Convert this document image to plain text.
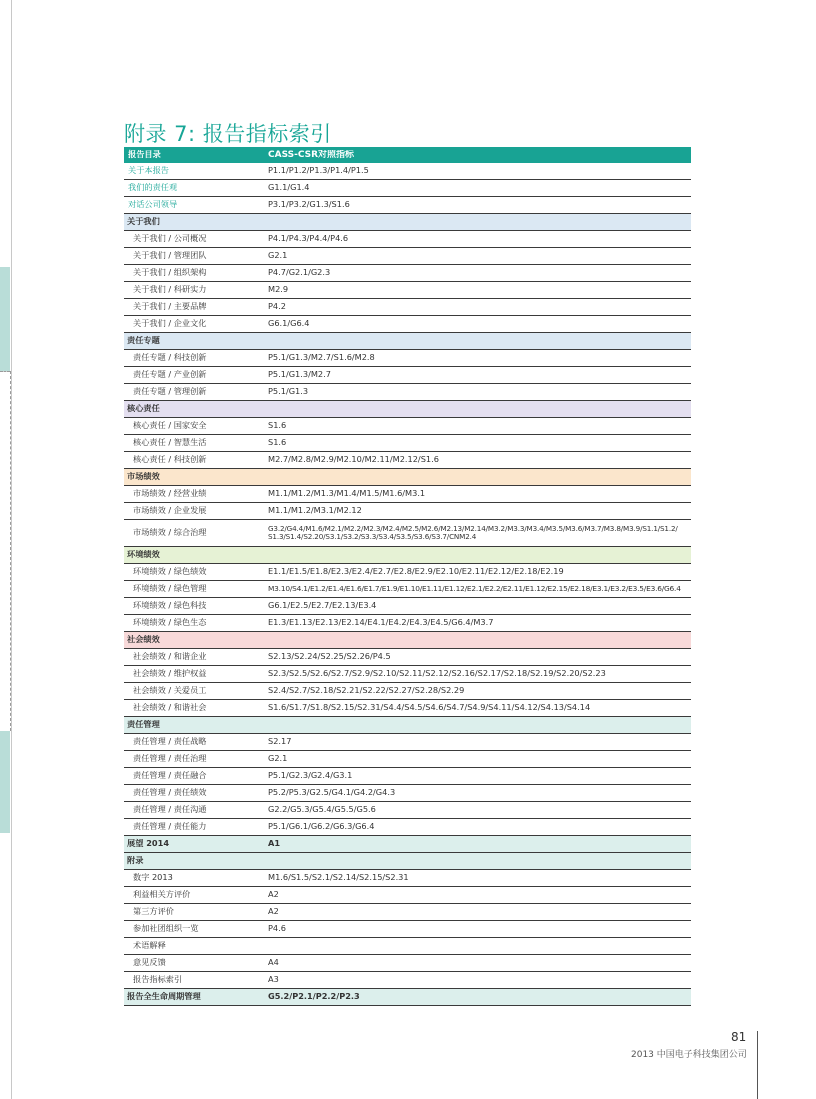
附录 7: 报告指标索引
报告目录	CASS-CSR对照指标
关于本报告	P1.1/P1.2/P1.3/P1.4/P1.5
我们的责任观	G1.1/G1.4
对话公司领导	P3.1/P3.2/G1.3/S1.6
关于我们
关于我们 / 公司概况	P4.1/P4.3/P4.4/P4.6
关于我们 / 管理团队	G2.1
关于我们 / 组织架构	P4.7/G2.1/G2.3
关于我们 / 科研实力	M2.9
关于我们 / 主要品牌	P4.2
关于我们 / 企业文化	G6.1/G6.4
责任专题
责任专题 / 科技创新	P5.1/G1.3/M2.7/S1.6/M2.8
责任专题 / 产业创新	P5.1/G1.3/M2.7
责任专题 / 管理创新	P5.1/G1.3
核心责任
核心责任 / 国家安全	S1.6
核心责任 / 智慧生活	S1.6
核心责任 / 科技创新	M2.7/M2.8/M2.9/M2.10/M2.11/M2.12/S1.6
市场绩效
市场绩效 / 经营业绩	M1.1/M1.2/M1.3/M1.4/M1.5/M1.6/M3.1
市场绩效 / 企业发展	M1.1/M1.2/M3.1/M2.12
市场绩效 / 综合治理	G3.2/G4.4/M1.6/M2.1/M2.2/M2.3/M2.4/M2.5/M2.6/M2.13/M2.14/M3.2/M3.3/M3.4/M3.5/M3.6/M3.7/M3.8/M3.9/S1.1/S1.2/ S1.3/S1.4/S2.20/S3.1/S3.2/S3.3/S3.4/S3.5/S3.6/S3.7/CNM2.4
环境绩效
环境绩效 / 绿色绩效	E1.1/E1.5/E1.8/E2.3/E2.4/E2.7/E2.8/E2.9/E2.10/E2.11/E2.12/E2.18/E2.19
环境绩效 / 绿色管理	M3.10/S4.1/E1.2/E1.4/E1.6/E1.7/E1.9/E1.10/E1.11/E1.12/E2.1/E2.2/E2.11/E1.12/E2.15/E2.18/E3.1/E3.2/E3.5/E3.6/G6.4
环境绩效 / 绿色科技	G6.1/E2.5/E2.7/E2.13/E3.4
环境绩效 / 绿色生态	E1.3/E1.13/E2.13/E2.14/E4.1/E4.2/E4.3/E4.5/G6.4/M3.7
社会绩效
社会绩效 / 和谐企业	S2.13/S2.24/S2.25/S2.26/P4.5
社会绩效 / 维护权益	S2.3/S2.5/S2.6/S2.7/S2.9/S2.10/S2.11/S2.12/S2.16/S2.17/S2.18/S2.19/S2.20/S2.23
社会绩效 / 关爱员工	S2.4/S2.7/S2.18/S2.21/S2.22/S2.27/S2.28/S2.29
社会绩效 / 和谐社会	S1.6/S1.7/S1.8/S2.15/S2.31/S4.4/S4.5/S4.6/S4.7/S4.9/S4.11/S4.12/S4.13/S4.14
责任管理
责任管理 / 责任战略	S2.17
责任管理 / 责任治理	G2.1
责任管理 / 责任融合	P5.1/G2.3/G2.4/G3.1
责任管理 / 责任绩效	P5.2/P5.3/G2.5/G4.1/G4.2/G4.3
责任管理 / 责任沟通	G2.2/G5.3/G5.4/G5.5/G5.6
责任管理 / 责任能力	P5.1/G6.1/G6.2/G6.3/G6.4
展望 2014	A1
附录
数字 2013	M1.6/S1.5/S2.1/S2.14/S2.15/S2.31
利益相关方评价	A2
第三方评价	A2
参加社团组织一览	P4.6
术语解释
意见反馈	A4
报告指标索引	A3
报告全生命周期管理	G5.2/P2.1/P2.2/P2.3
81
2013 中国电子科技集团公司
